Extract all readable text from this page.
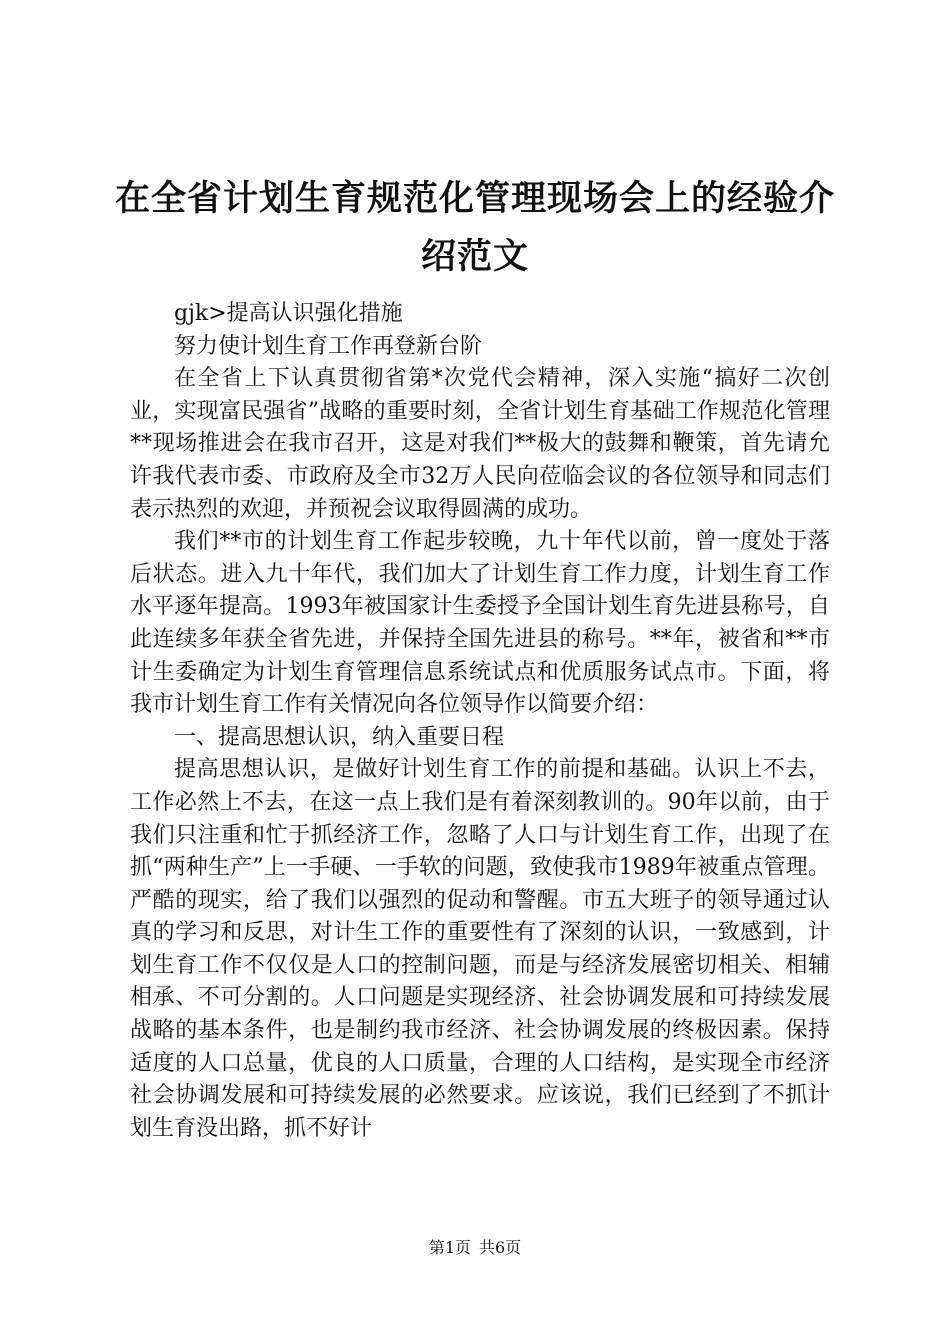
在全省计划生育规范化管理现场会上的经验介绍范文

gjk>提高认识强化措施

努力使计划生育工作再登新台阶

在全省上下认真贯彻省第*次党代会精神，深入实施“搞好二次创业，实现富民强省”战略的重要时刻，全省计划生育基础工作规范化管理**现场推进会在我市召开，这是对我们**极大的鼓舞和鞭策，首先请允许我代表市委、市政府及全市32万人民向莅临会议的各位领导和同志们表示热烈的欢迎，并预祝会议取得圆满的成功。

我们**市的计划生育工作起步较晚，九十年代以前，曾一度处于落后状态。进入九十年代，我们加大了计划生育工作力度，计划生育工作水平逐年提高。1993年被国家计生委授予全国计划生育先进县称号，自此连续多年获全省先进，并保持全国先进县的称号。**年，被省和**市计生委确定为计划生育管理信息系统试点和优质服务试点市。下面，将我市计划生育工作有关情况向各位领导作以简要介绍：

一、提高思想认识，纳入重要日程

提高思想认识，是做好计划生育工作的前提和基础。认识上不去，工作必然上不去，在这一点上我们是有着深刻教训的。90年以前，由于我们只注重和忙于抓经济工作，忽略了人口与计划生育工作，出现了在抓“两种生产”上一手硬、一手软的问题，致使我市1989年被重点管理。严酷的现实，给了我们以强烈的促动和警醒。市五大班子的领导通过认真的学习和反思，对计生工作的重要性有了深刻的认识，一致感到，计划生育工作不仅仅是人口的控制问题，而是与经济发展密切相关、相辅相承、不可分割的。人口问题是实现经济、社会协调发展和可持续发展战略的基本条件，也是制约我市经济、社会协调发展的终极因素。保持适度的人口总量，优良的人口质量，合理的人口结构，是实现全市经济社会协调发展和可持续发展的必然要求。应该说，我们已经到了不抓计划生育没出路，抓不好计

第1页 共6页
